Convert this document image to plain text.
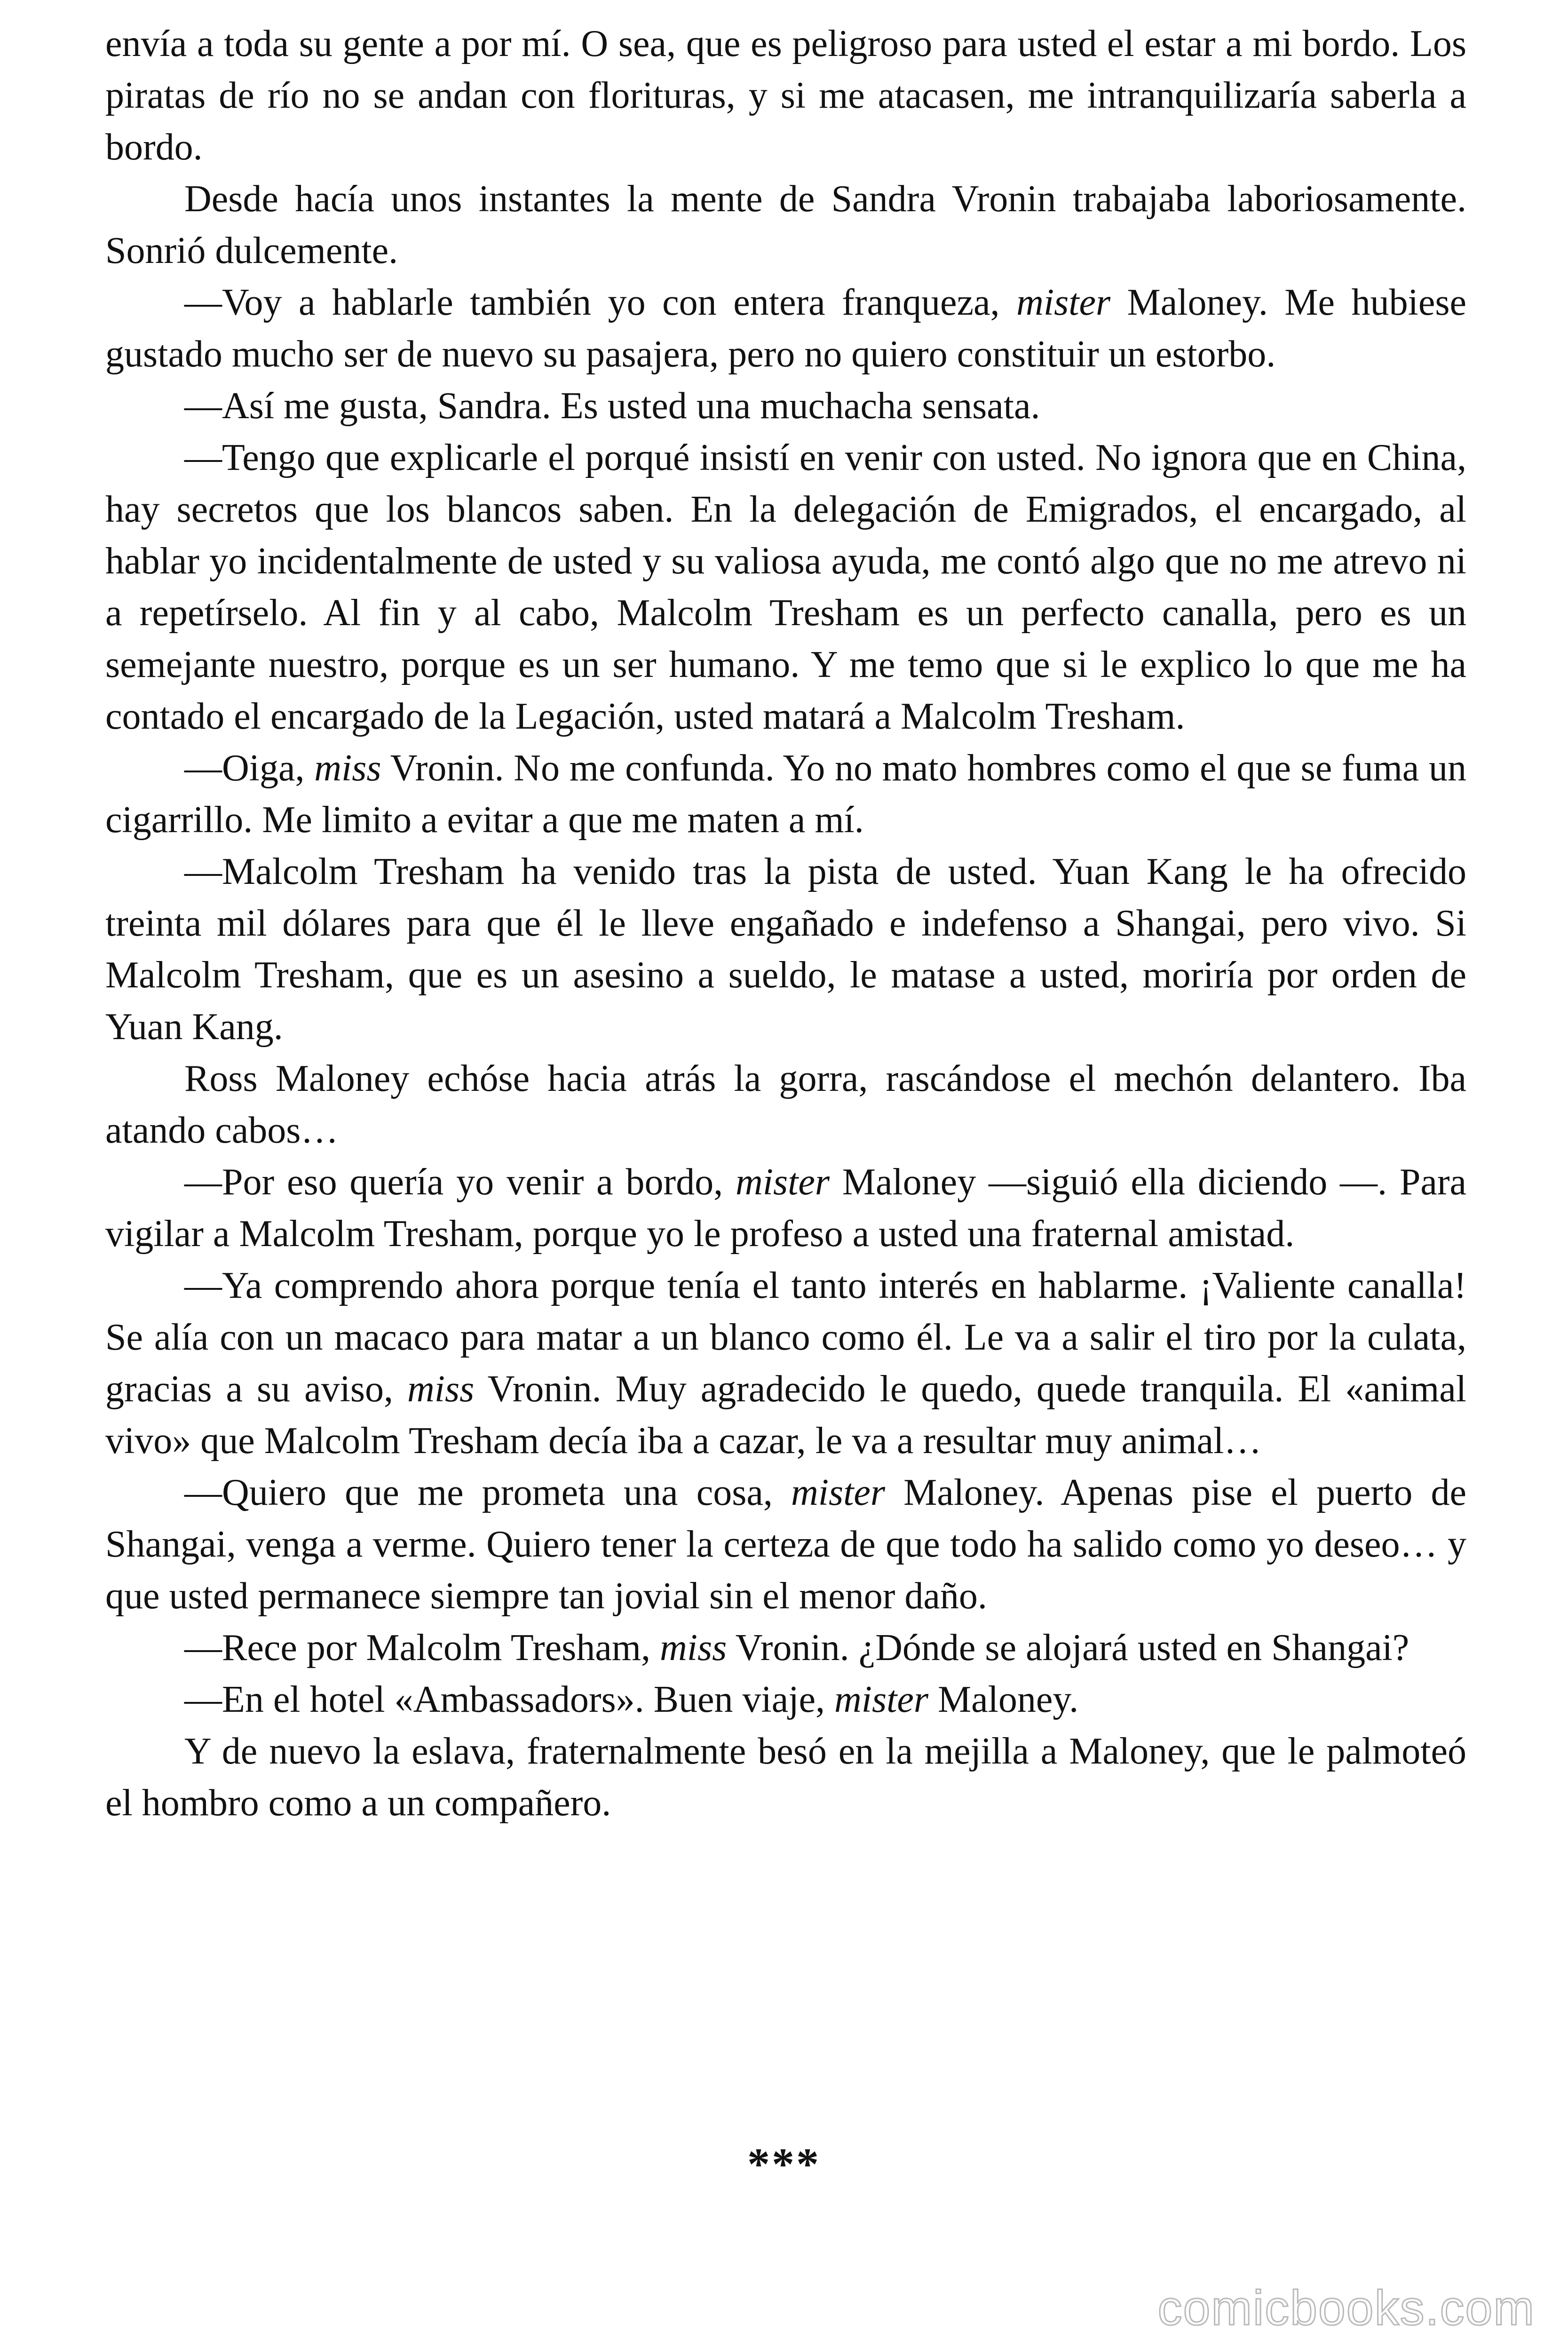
envía a toda su gente a por mí. O sea, que es peligroso para usted el estar a mi bordo. Los piratas de río no se andan con florituras, y si me atacasen, me intranquilizaría saberla a bordo.

Desde hacía unos instantes la mente de Sandra Vronin trabajaba laboriosamente. Sonrió dulcemente.

—Voy a hablarle también yo con entera franqueza, mister Maloney. Me hubiese gustado mucho ser de nuevo su pasajera, pero no quiero constituir un estorbo.

—Así me gusta, Sandra. Es usted una muchacha sensata.

—Tengo que explicarle el porqué insistí en venir con usted. No ignora que en China, hay secretos que los blancos saben. En la delegación de Emigrados, el encargado, al hablar yo incidentalmente de usted y su valiosa ayuda, me contó algo que no me atrevo ni a repetírselo. Al fin y al cabo, Malcolm Tresham es un perfecto canalla, pero es un semejante nuestro, porque es un ser humano. Y me temo que si le explico lo que me ha contado el encargado de la Legación, usted matará a Malcolm Tresham.

—Oiga, miss Vronin. No me confunda. Yo no mato hombres como el que se fuma un cigarrillo. Me limito a evitar a que me maten a mí.

—Malcolm Tresham ha venido tras la pista de usted. Yuan Kang le ha ofrecido treinta mil dólares para que él le lleve engañado e indefenso a Shangai, pero vivo. Si Malcolm Tresham, que es un asesino a sueldo, le matase a usted, moriría por orden de Yuan Kang.

Ross Maloney echóse hacia atrás la gorra, rascándose el mechón delantero. Iba atando cabos…

—Por eso quería yo venir a bordo, mister Maloney —siguió ella diciendo —. Para vigilar a Malcolm Tresham, porque yo le profeso a usted una fraternal amistad.

—Ya comprendo ahora porque tenía el tanto interés en hablarme. ¡Valiente canalla! Se alía con un macaco para matar a un blanco como él. Le va a salir el tiro por la culata, gracias a su aviso, miss Vronin. Muy agradecido le quedo, quede tranquila. El «animal vivo» que Malcolm Tresham decía iba a cazar, le va a resultar muy animal…

—Quiero que me prometa una cosa, mister Maloney. Apenas pise el puerto de Shangai, venga a verme. Quiero tener la certeza de que todo ha salido como yo deseo… y que usted permanece siempre tan jovial sin el menor daño.

—Rece por Malcolm Tresham, miss Vronin. ¿Dónde se alojará usted en Shangai?

—En el hotel «Ambassadors». Buen viaje, mister Maloney.

Y de nuevo la eslava, fraternalmente besó en la mejilla a Maloney, que le palmoteó el hombro como a un compañero.

***
comicbooks.com
